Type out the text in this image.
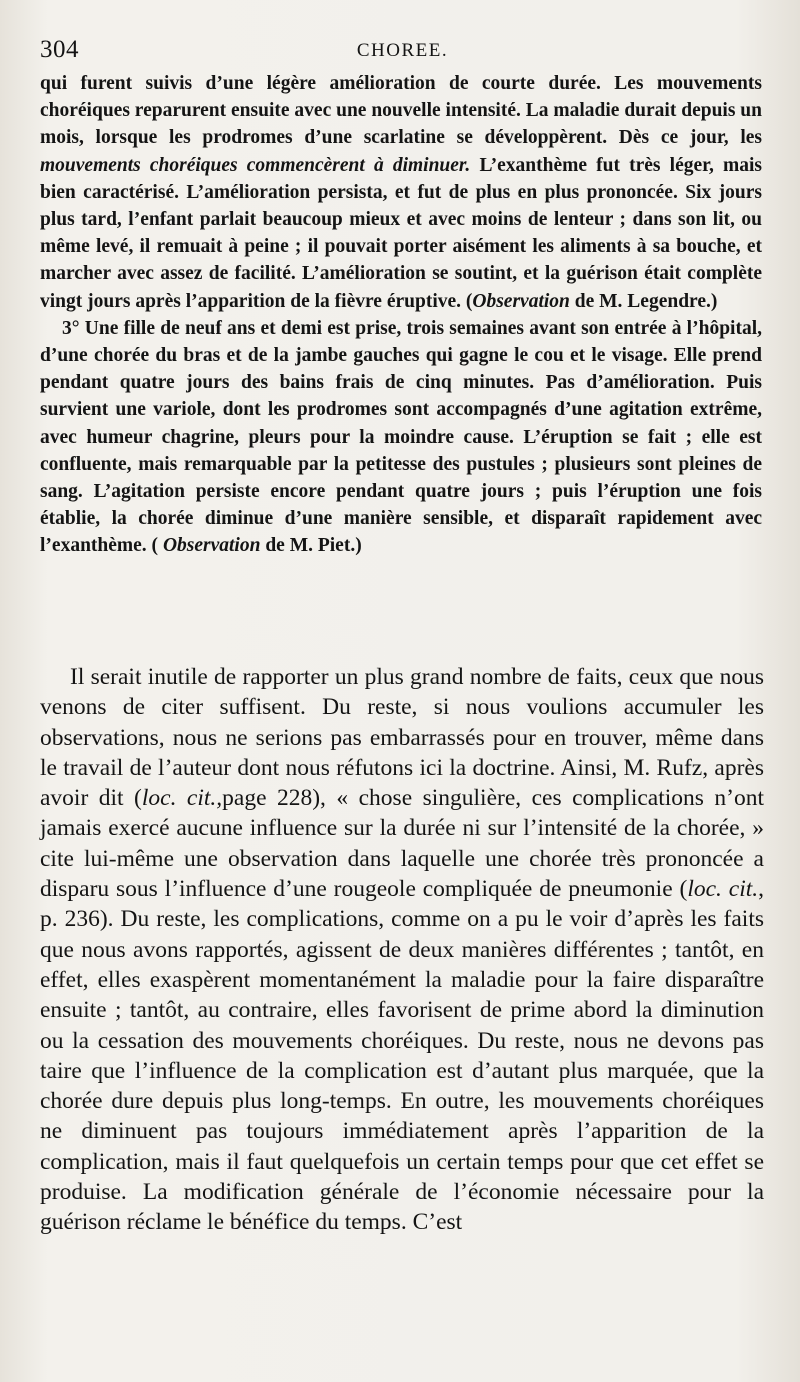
304	CHOREE.

qui furent suivis d’une légère amélioration de courte durée. Les mouvements choréiques reparurent ensuite avec une nouvelle intensité. La maladie durait depuis un mois, lorsque les prodromes d’une scarlatine se développèrent. Dès ce jour, les mouvements choréiques commencèrent à diminuer. L’exanthème fut très léger, mais bien caractérisé. L’amélioration persista, et fut de plus en plus prononcée. Six jours plus tard, l’enfant parlait beaucoup mieux et avec moins de lenteur ; dans son lit, ou même levé, il remuait à peine ; il pouvait porter aisément les aliments à sa bouche, et marcher avec assez de facilité. L’amélioration se soutint, et la guérison était complète vingt jours après l’apparition de la fièvre éruptive. (Observation de M. Legendre.)

3° Une fille de neuf ans et demi est prise, trois semaines avant son entrée à l’hôpital, d’une chorée du bras et de la jambe gauches qui gagne le cou et le visage. Elle prend pendant quatre jours des bains frais de cinq minutes. Pas d’amélioration. Puis survient une variole, dont les prodromes sont accompagnés d’une agitation extrême, avec humeur chagrine, pleurs pour la moindre cause. L’éruption se fait ; elle est confluente, mais remarquable par la petitesse des pustules ; plusieurs sont pleines de sang. L’agitation persiste encore pendant quatre jours ; puis l’éruption une fois établie, la chorée diminue d’une manière sensible, et disparaît rapidement avec l’exanthème. ( Observation de M. Piet.)

Il serait inutile de rapporter un plus grand nombre de faits, ceux que nous venons de citer suffisent. Du reste, si nous voulions accumuler les observations, nous ne serions pas embarrassés pour en trouver, même dans le travail de l’auteur dont nous réfutons ici la doctrine. Ainsi, M. Rufz, après avoir dit (loc. cit.,page 228), « chose singulière, ces complications n’ont jamais exercé aucune influence sur la durée ni sur l’intensité de la chorée, » cite lui-même une observation dans laquelle une chorée très prononcée a disparu sous l’influence d’une rougeole compliquée de pneumonie (loc. cit., p. 236). Du reste, les complications, comme on a pu le voir d’après les faits que nous avons rapportés, agissent de deux manières différentes ; tantôt, en effet, elles exaspèrent momentanément la maladie pour la faire disparaître ensuite ; tantôt, au contraire, elles favorisent de prime abord la diminution ou la cessation des mouvements choréiques. Du reste, nous ne devons pas taire que l’influence de la complication est d’autant plus marquée, que la chorée dure depuis plus long-temps. En outre, les mouvements choréiques ne diminuent pas toujours immédiatement après l’apparition de la complication, mais il faut quelquefois un certain temps pour que cet effet se produise. La modification générale de l’économie nécessaire pour la guérison réclame le bénéfice du temps. C’est
